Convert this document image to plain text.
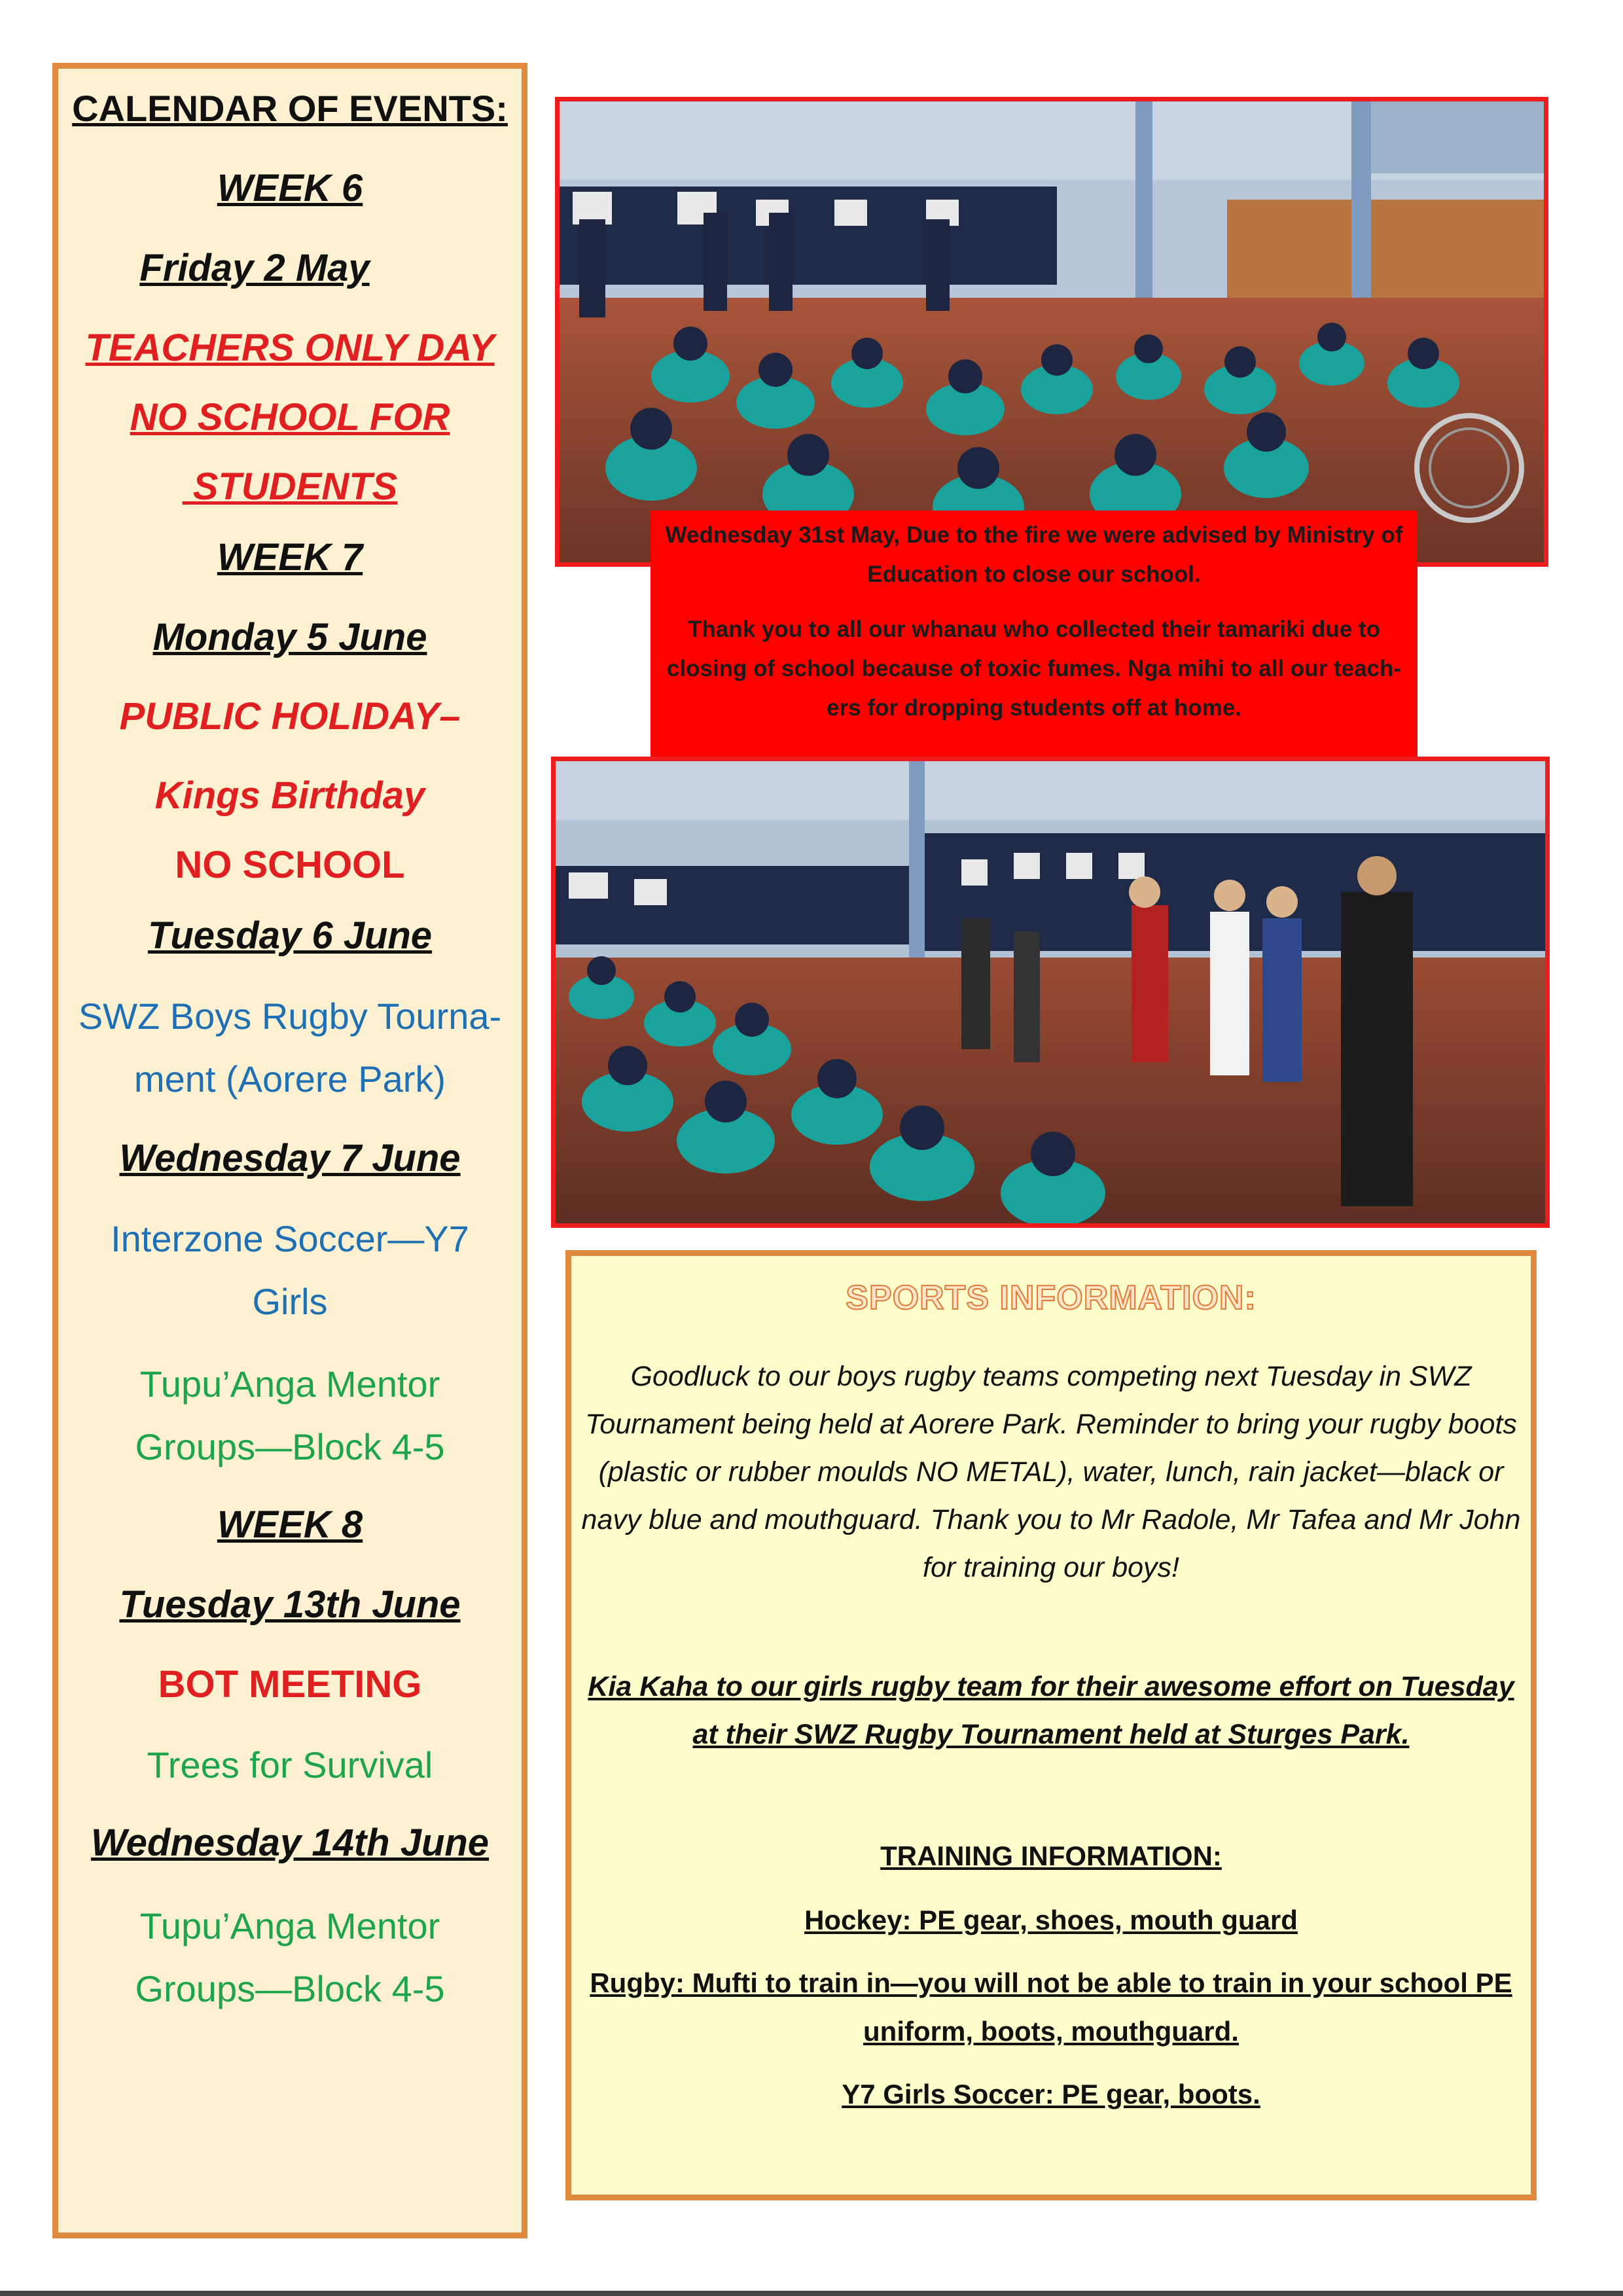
CALENDAR OF EVENTS:
WEEK 6
Friday 2 May
TEACHERS ONLY DAY
NO SCHOOL FOR
STUDENTS
WEEK 7
Monday 5 June
PUBLIC HOLIDAY–
Kings Birthday
NO SCHOOL
Tuesday 6 June
SWZ Boys Rugby Tourna-
ment (Aorere Park)
Wednesday 7 June
Interzone Soccer—Y7
Girls
Tupu’Anga Mentor
Groups—Block 4-5
WEEK 8
Tuesday 13th June
BOT MEETING
Trees for Survival
Wednesday 14th June
Tupu’Anga Mentor
Groups—Block 4-5

Wednesday 31st May, Due to the fire we were advised by Ministry of Education to close our school.

Thank you to all our whanau who collected their tamariki due to closing of school because of toxic fumes. Nga mihi to all our teach-ers for dropping students off at home.

SPORTS INFORMATION:
Goodluck to our boys rugby teams competing next Tuesday in SWZ Tournament being held at Aorere Park. Reminder to bring your rugby boots (plastic or rubber moulds NO METAL), water, lunch, rain jacket—black or navy blue and mouthguard. Thank you to Mr Radole, Mr Tafea and Mr John for training our boys!
Kia Kaha to our girls rugby team for their awesome effort on Tuesday at their SWZ Rugby Tournament held at Sturges Park.
TRAINING INFORMATION:
Hockey: PE gear, shoes, mouth guard
Rugby: Mufti to train in—you will not be able to train in your school PE uniform, boots, mouthguard.
Y7 Girls Soccer: PE gear, boots.
